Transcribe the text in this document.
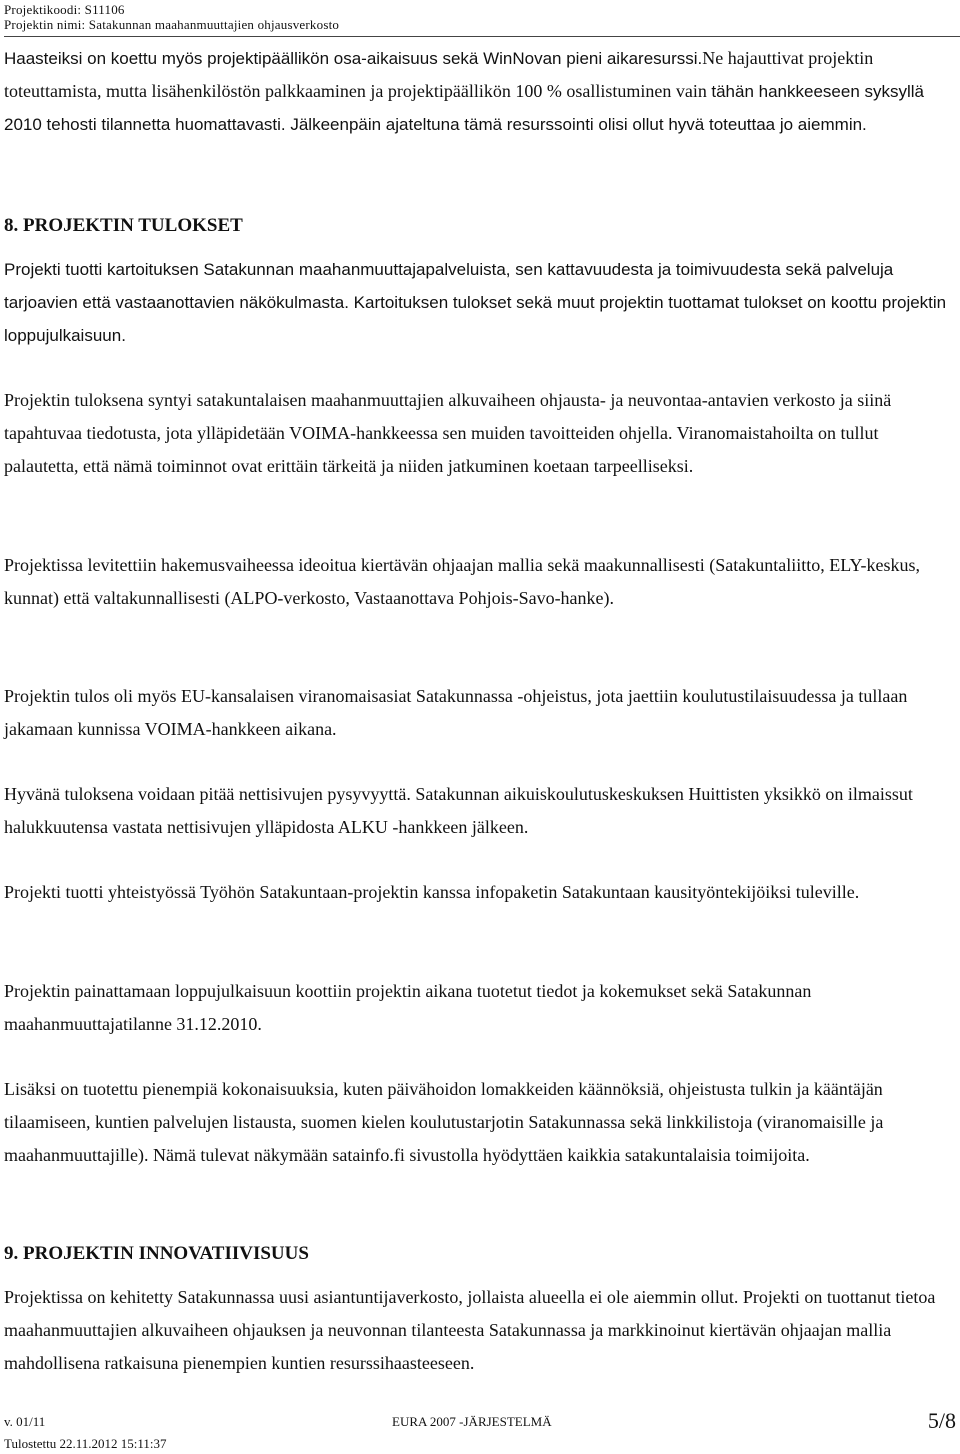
Projektikoodi: S11106
Projektin nimi: Satakunnan maahanmuuttajien ohjausverkosto

Haasteiksi on koettu myös projektipäällikön osa-aikaisuus sekä WinNovan pieni aikaresurssi.Ne hajauttivat projektin toteuttamista, mutta lisähenkilöstön palkkaaminen ja projektipäällikön 100 % osallistuminen vain tähän hankkeeseen syksyllä 2010 tehosti tilannetta huomattavasti. Jälkeenpäin ajateltuna tämä resurssointi olisi ollut hyvä toteuttaa jo aiemmin.

8. PROJEKTIN TULOKSET

Projekti tuotti kartoituksen Satakunnan maahanmuuttajapalveluista, sen kattavuudesta ja toimivuudesta sekä palveluja tarjoavien että vastaanottavien näkökulmasta. Kartoituksen tulokset sekä muut projektin tuottamat tulokset on koottu projektin loppujulkaisuun.

Projektin tuloksena syntyi satakuntalaisen maahanmuuttajien alkuvaiheen ohjausta- ja neuvontaa-antavien verkosto ja siinä tapahtuvaa tiedotusta, jota ylläpidetään VOIMA-hankkeessa sen muiden tavoitteiden ohjella. Viranomaistahoilta on tullut palautetta, että nämä toiminnot ovat erittäin tärkeitä ja niiden jatkuminen koetaan tarpeelliseksi.

Projektissa levitettiin hakemusvaiheessa ideoitua kiertävän ohjaajan mallia sekä maakunnallisesti (Satakuntaliitto, ELY-keskus, kunnat) että valtakunnallisesti (ALPO-verkosto, Vastaanottava Pohjois-Savo-hanke).

Projektin tulos oli myös EU-kansalaisen viranomaisasiat Satakunnassa -ohjeistus, jota jaettiin koulutustilaisuudessa ja tullaan jakamaan kunnissa VOIMA-hankkeen aikana.

Hyvänä tuloksena voidaan pitää nettisivujen pysyvyyttä. Satakunnan aikuiskoulutuskeskuksen Huittisten yksikkö on ilmaissut halukkuutensa vastata nettisivujen ylläpidosta ALKU -hankkeen jälkeen.

Projekti tuotti yhteistyössä Työhön Satakuntaan-projektin kanssa infopaketin Satakuntaan kausityöntekijöiksi tuleville.

Projektin painattamaan loppujulkaisuun koottiin projektin aikana tuotetut tiedot ja kokemukset sekä Satakunnan maahanmuuttajatilanne 31.12.2010.

Lisäksi on tuotettu pienempiä kokonaisuuksia, kuten päivähoidon lomakkeiden käännöksiä, ohjeistusta tulkin ja kääntäjän tilaamiseen, kuntien palvelujen listausta, suomen kielen koulutustarjotin Satakunnassa sekä linkkilistoja (viranomaisille ja maahanmuuttajille). Nämä tulevat näkymään satainfo.fi sivustolla hyödyttäen kaikkia satakuntalaisia toimijoita.

9. PROJEKTIN INNOVATIIVISUUS

Projektissa on kehitetty Satakunnassa uusi asiantuntijaverkosto, jollaista alueella ei ole aiemmin ollut. Projekti on tuottanut tietoa maahanmuuttajien alkuvaiheen ohjauksen ja neuvonnan tilanteesta Satakunnassa ja markkinoinut kiertävän ohjaajan mallia mahdollisena ratkaisuna pienempien kuntien resurssihaasteeseen.

v. 01/11	EURA 2007 -JÄRJESTELMÄ	5/8
Tulostettu 22.11.2012 15:11:37
